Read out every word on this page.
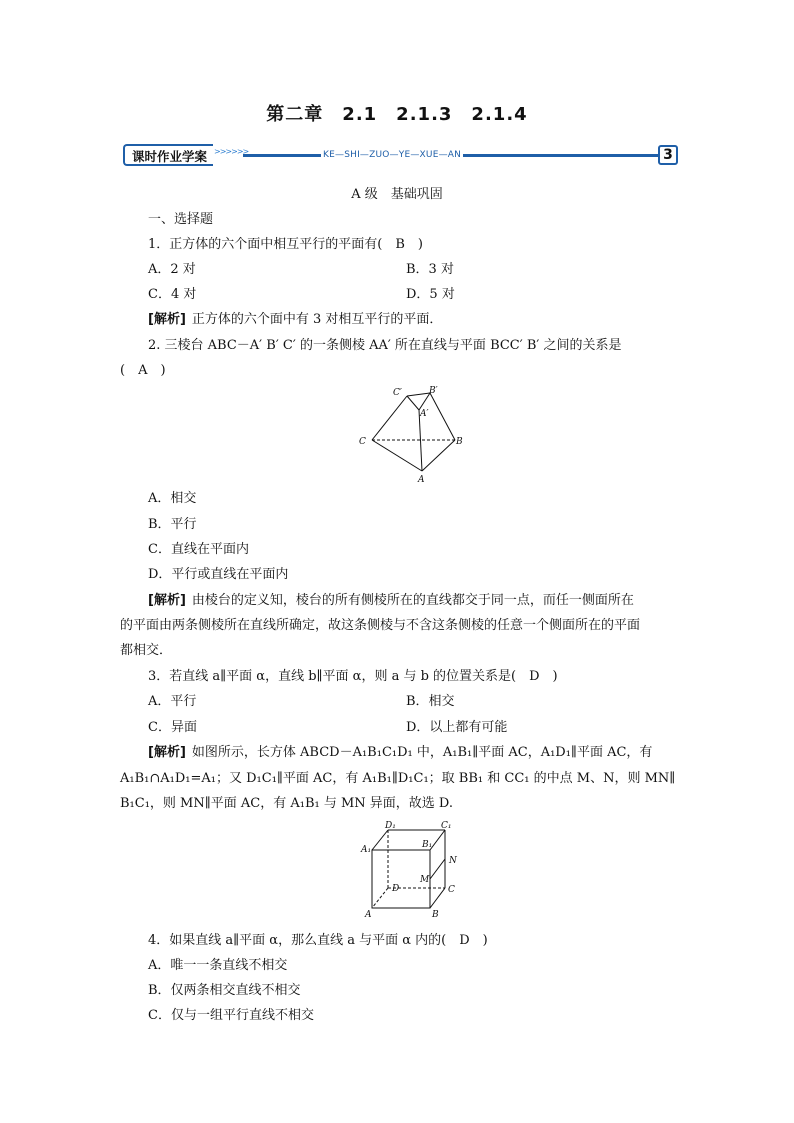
第二章　2.1　2.1.3　2.1.4
课时作业学案 >>>>>>	KE—SHI—ZUO—YE—XUE—AN	3
A 级　基础巩固
一、选择题
1．正方体的六个面中相互平行的平面有(　B　)
A．2 对	B．3 对
C．4 对	D．5 对
[解析] 正方体的六个面中有 3 对相互平行的平面．
2. 三棱台 ABC－A′ B′ C′ 的一条侧棱 AA′ 所在直线与平面 BCC′ B′ 之间的关系是
(　A　)
C′	B′
A′
C	B
A
A．相交
B．平行
C．直线在平面内
D．平行或直线在平面内
[解析] 由棱台的定义知，棱台的所有侧棱所在的直线都交于同一点，而任一侧面所在
的平面由两条侧棱所在直线所确定，故这条侧棱与不含这条侧棱的任意一个侧面所在的平面
都相交．
3．若直线 a∥平面 α，直线 b∥平面 α，则 a 与 b 的位置关系是(　D　)
A．平行	B．相交
C．异面	D．以上都有可能
[解析] 如图所示，长方体 ABCD－A₁B₁C₁D₁ 中，A₁B₁∥平面 AC，A₁D₁∥平面 AC，有
A₁B₁∩A₁D₁=A₁；又 D₁C₁∥平面 AC，有 A₁B₁∥D₁C₁；取 BB₁ 和 CC₁ 的中点 M、N，则 MN∥
B₁C₁，则 MN∥平面 AC，有 A₁B₁ 与 MN 异面，故选 D.
D₁	C₁
A₁	B₁
N
M
D	C
A	B
4．如果直线 a∥平面 α，那么直线 a 与平面 α 内的(　D　)
A．唯一一条直线不相交
B．仅两条相交直线不相交
C．仅与一组平行直线不相交
